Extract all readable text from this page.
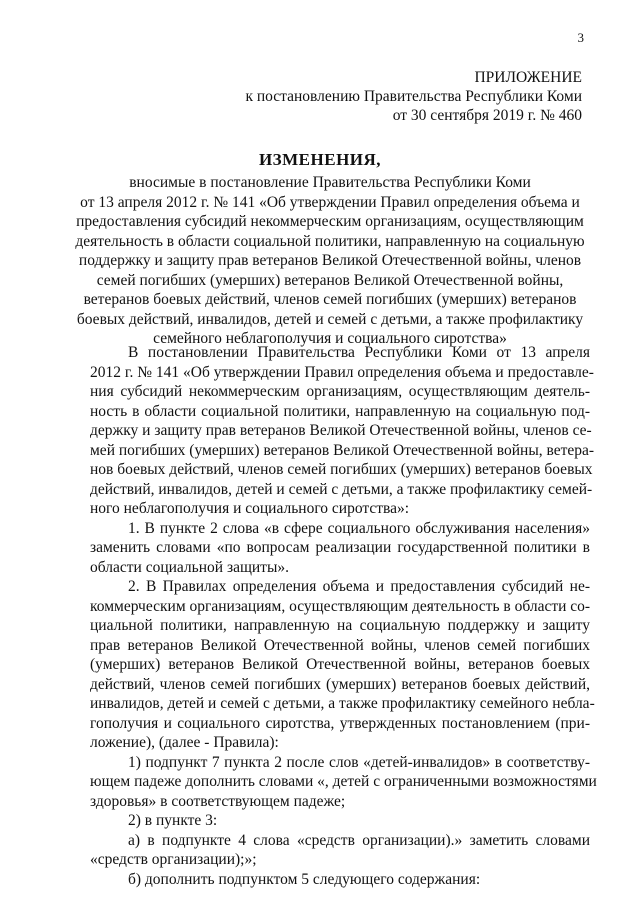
3
ПРИЛОЖЕНИЕ
к постановлению Правительства Республики Коми
от 30 сентября 2019 г. № 460
ИЗМЕНЕНИЯ,
вносимые в постановление Правительства Республики Коми
от 13 апреля 2012 г. № 141 «Об утверждении Правил определения объема и
предоставления субсидий некоммерческим организациям, осуществляющим
деятельность в области социальной политики, направленную на социальную
поддержку и защиту прав ветеранов Великой Отечественной войны, членов
семей погибших (умерших) ветеранов Великой Отечественной войны,
ветеранов боевых действий, членов семей погибших (умерших) ветеранов
боевых действий, инвалидов, детей и семей с детьми, а также профилактику
семейного неблагополучия и социального сиротства»
В постановлении Правительства Республики Коми от 13 апреля
2012 г. № 141 «Об утверждении Правил определения объема и предоставле-
ния субсидий некоммерческим организациям, осуществляющим деятель-
ность в области социальной политики, направленную на социальную под-
держку и защиту прав ветеранов Великой Отечественной войны, членов се-
мей погибших (умерших) ветеранов Великой Отечественной войны, ветера-
нов боевых действий, членов семей погибших (умерших) ветеранов боевых
действий, инвалидов, детей и семей с детьми, а также профилактику семей-
ного неблагополучия и социального сиротства»:
1. В пункте 2 слова «в сфере социального обслуживания населения»
заменить словами «по вопросам реализации государственной политики в
области социальной защиты».
2. В Правилах определения объема и предоставления субсидий не-
коммерческим организациям, осуществляющим деятельность в области со-
циальной политики, направленную на социальную поддержку и защиту
прав ветеранов Великой Отечественной войны, членов семей погибших
(умерших) ветеранов Великой Отечественной войны, ветеранов боевых
действий, членов семей погибших (умерших) ветеранов боевых действий,
инвалидов, детей и семей с детьми, а также профилактику семейного небла-
гополучия и социального сиротства, утвержденных постановлением (при-
ложение), (далее - Правила):
1) подпункт 7 пункта 2 после слов «детей-инвалидов» в соответству-
ющем падеже дополнить словами «, детей с ограниченными возможностями
здоровья» в соответствующем падеже;
2) в пункте 3:
а) в подпункте 4 слова «средств организации).» заметить словами
«средств организации);»;
б) дополнить подпунктом 5 следующего содержания:
